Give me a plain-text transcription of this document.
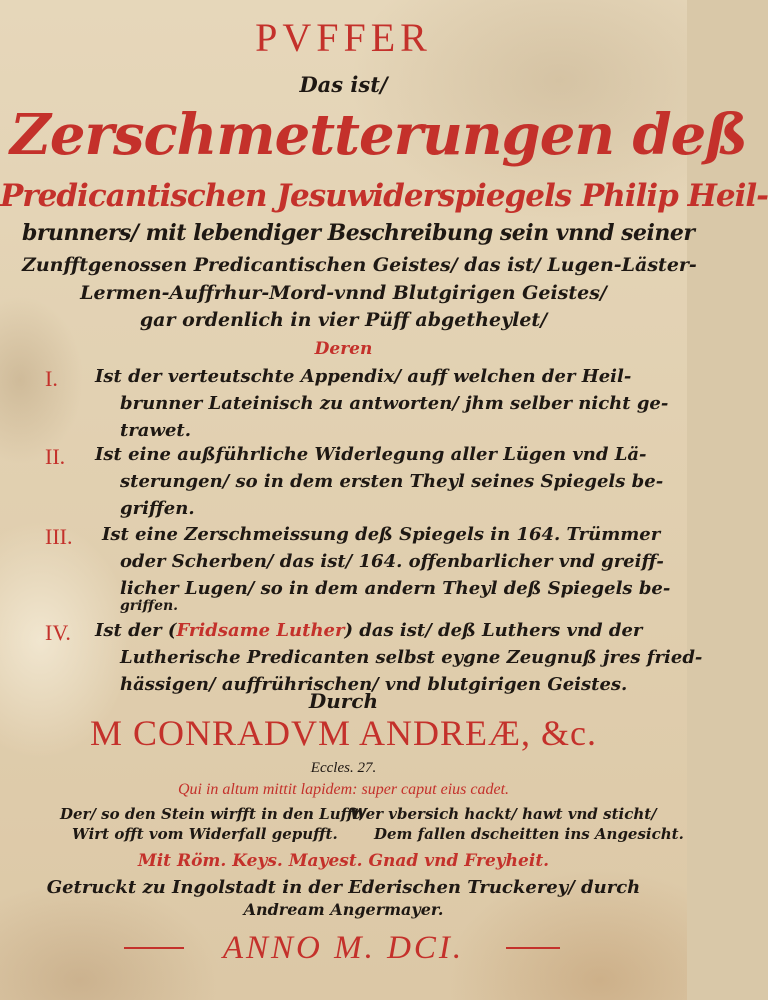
PVFFER
Das ist/
Zerschmetterungen deß
Predicantischen Jesuwiderspiegels Philip Heil-
brunners/ mit lebendiger Beschreibung sein vnnd seiner
Zunfftgenossen Predicantischen Geistes/ das ist/ Lugen-Läster-
Lermen-Auffrhur-Mord-vnnd Blutgirigen Geistes/
gar ordenlich in vier Püff abgetheylet/
Deren
I. Ist der verteutschte Appendix/ auff welchen der Heil-
brunner Lateinisch zu antworten/ jhm selber nicht ge-
trawet.
II. Ist eine außführliche Widerlegung aller Lügen vnd Lä-
sterungen/ so in dem ersten Theyl seines Spiegels be-
griffen.
III. Ist eine Zerschmeissung deß Spiegels in 164. Trümmer
oder Scherben/ das ist/ 164. offenbarlicher vnd greiff-
licher Lugen/ so in dem andern Theyl deß Spiegels be-
griffen.
IV. Ist der (Fridsame Luther) das ist/ deß Luthers vnd der
Lutherische Predicanten selbst eygne Zeugnuß jres fried-
hässigen/ auffrührischen/ vnd blutgirigen Geistes.
Durch
M CONRADVM ANDREÆ, &c.
Eccles. 27.
Qui in altum mittit lapidem: super caput eius cadet.
Der/ so den Stein wirfft in den Lufft/
Wirt offt vom Widerfall gepufft.
Wer vbersich hackt/ hawt vnd sticht/
Dem fallen dscheitten ins Angesicht.
Mit Röm. Keys. Mayest. Gnad vnd Freyheit.
Getruckt zu Ingolstadt in der Ederischen Truckerey/ durch
Andream Angermayer.
ANNO M. DCI.
